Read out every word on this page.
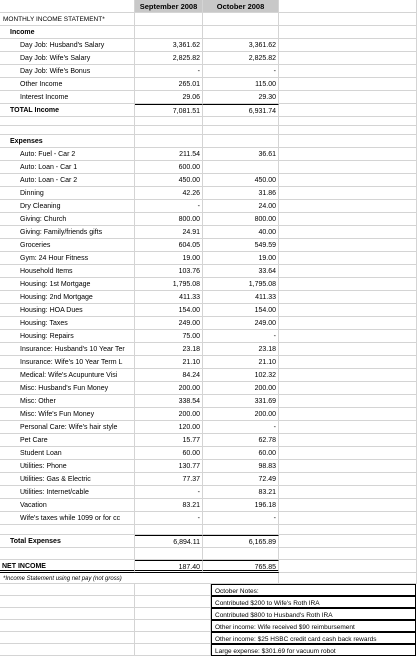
September 2008	October 2008
MONTHLY INCOME STATEMENT*
Income
Day Job: Husband's Salary	3,361.62	3,361.62
Day Job: Wife's Salary	2,825.82	2,825.82
Day Job: Wife's Bonus	-	-
Other Income	265.01	115.00
Interest Income	29.06	29.30
TOTAL Income	7,081.51	6,931.74
Expenses
Auto: Fuel - Car 2	211.54	36.61
Auto: Loan - Car 1	600.00
Auto: Loan - Car 2	450.00	450.00
Dinning	42.26	31.86
Dry Cleaning	-	24.00
Giving: Church	800.00	800.00
Giving: Family/friends gifts	24.91	40.00
Groceries	604.05	549.59
Gym: 24 Hour Fitness	19.00	19.00
Household Items	103.76	33.64
Housing: 1st Mortgage	1,795.08	1,795.08
Housing: 2nd Mortgage	411.33	411.33
Housing: HOA Dues	154.00	154.00
Housing: Taxes	249.00	249.00
Housing: Repairs	75.00	-
Insurance: Husband's 10 Year Ter	23.18	23.18
Insurance: Wife's 10 Year Term L	21.10	21.10
Medical: Wife's Acupunture Visi	84.24	102.32
Misc: Husband's Fun Money	200.00	200.00
Misc: Other	338.54	331.69
Misc: Wife's Fun Money	200.00	200.00
Personal Care: Wife's hair style	120.00	-
Pet Care	15.77	62.78
Student Loan	60.00	60.00
Utilities: Phone	130.77	98.83
Utilities: Gas & Electric	77.37	72.49
Utilities: Internet/cable	-	83.21
Vacation	83.21	196.18
Wife's taxes while 1099 or for cc	-	-
Total Expenses	6,894.11	6,165.89
NET INCOME	187.40	765.85
*Income Statement using net pay (not gross)
October Notes:
Contributed $200 to Wife's Roth IRA
Contributed $800 to Husband's Roth IRA
Other income: Wife received $90 reimbursement
Other income: $25 HSBC credit card cash back rewards
Large expense: $301.69 for vacuum robot
